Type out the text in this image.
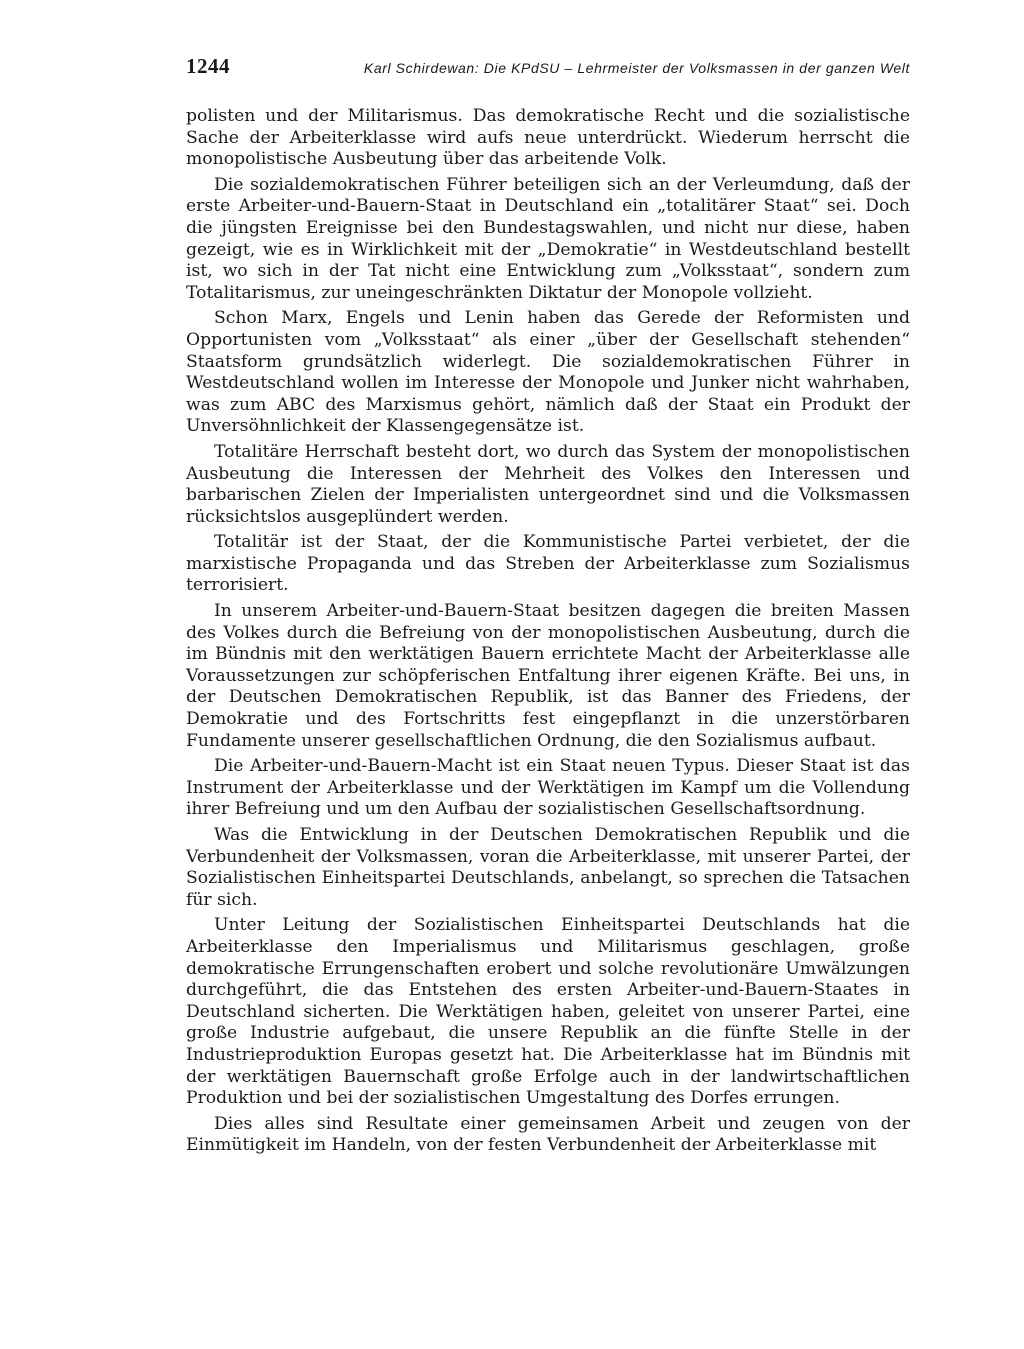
1244	Karl Schirdewan: Die KPdSU – Lehrmeister der Volksmassen in der ganzen Welt

polisten und der Militarismus. Das demokratische Recht und die sozialistische Sache der Arbeiterklasse wird aufs neue unterdrückt. Wiederum herrscht die monopolistische Ausbeutung über das arbeitende Volk.

Die sozialdemokratischen Führer beteiligen sich an der Verleumdung, daß der erste Arbeiter-und-Bauern-Staat in Deutschland ein „totalitärer Staat“ sei. Doch die jüngsten Ereignisse bei den Bundestagswahlen, und nicht nur diese, haben gezeigt, wie es in Wirklichkeit mit der „Demokratie“ in Westdeutschland bestellt ist, wo sich in der Tat nicht eine Entwicklung zum „Volksstaat“, sondern zum Totalitarismus, zur uneingeschränkten Diktatur der Monopole vollzieht.

Schon Marx, Engels und Lenin haben das Gerede der Reformisten und Opportunisten vom „Volksstaat“ als einer „über der Gesellschaft stehenden“ Staatsform grundsätzlich widerlegt. Die sozialdemokratischen Führer in Westdeutschland wollen im Interesse der Monopole und Junker nicht wahrhaben, was zum ABC des Marxismus gehört, nämlich daß der Staat ein Produkt der Unversöhnlichkeit der Klassengegensätze ist.

Totalitäre Herrschaft besteht dort, wo durch das System der monopolistischen Ausbeutung die Interessen der Mehrheit des Volkes den Interessen und barbarischen Zielen der Imperialisten untergeordnet sind und die Volksmassen rücksichtslos ausgeplündert werden.

Totalitär ist der Staat, der die Kommunistische Partei verbietet, der die marxistische Propaganda und das Streben der Arbeiterklasse zum Sozialismus terrorisiert.

In unserem Arbeiter-und-Bauern-Staat besitzen dagegen die breiten Massen des Volkes durch die Befreiung von der monopolistischen Ausbeutung, durch die im Bündnis mit den werktätigen Bauern errichtete Macht der Arbeiterklasse alle Voraussetzungen zur schöpferischen Entfaltung ihrer eigenen Kräfte. Bei uns, in der Deutschen Demokratischen Republik, ist das Banner des Friedens, der Demokratie und des Fortschritts fest eingepflanzt in die unzerstörbaren Fundamente unserer gesellschaftlichen Ordnung, die den Sozialismus aufbaut.

Die Arbeiter-und-Bauern-Macht ist ein Staat neuen Typus. Dieser Staat ist das Instrument der Arbeiterklasse und der Werktätigen im Kampf um die Vollendung ihrer Befreiung und um den Aufbau der sozialistischen Gesellschaftsordnung.

Was die Entwicklung in der Deutschen Demokratischen Republik und die Verbundenheit der Volksmassen, voran die Arbeiterklasse, mit unserer Partei, der Sozialistischen Einheitspartei Deutschlands, anbelangt, so sprechen die Tatsachen für sich.

Unter Leitung der Sozialistischen Einheitspartei Deutschlands hat die Arbeiterklasse den Imperialismus und Militarismus geschlagen, große demokratische Errungenschaften erobert und solche revolutionäre Umwälzungen durchgeführt, die das Entstehen des ersten Arbeiter-und-Bauern-Staates in Deutschland sicherten. Die Werktätigen haben, geleitet von unserer Partei, eine große Industrie aufgebaut, die unsere Republik an die fünfte Stelle in der Industrieproduktion Europas gesetzt hat. Die Arbeiterklasse hat im Bündnis mit der werktätigen Bauernschaft große Erfolge auch in der landwirtschaftlichen Produktion und bei der sozialistischen Umgestaltung des Dorfes errungen.

Dies alles sind Resultate einer gemeinsamen Arbeit und zeugen von der Einmütigkeit im Handeln, von der festen Verbundenheit der Arbeiterklasse mit
